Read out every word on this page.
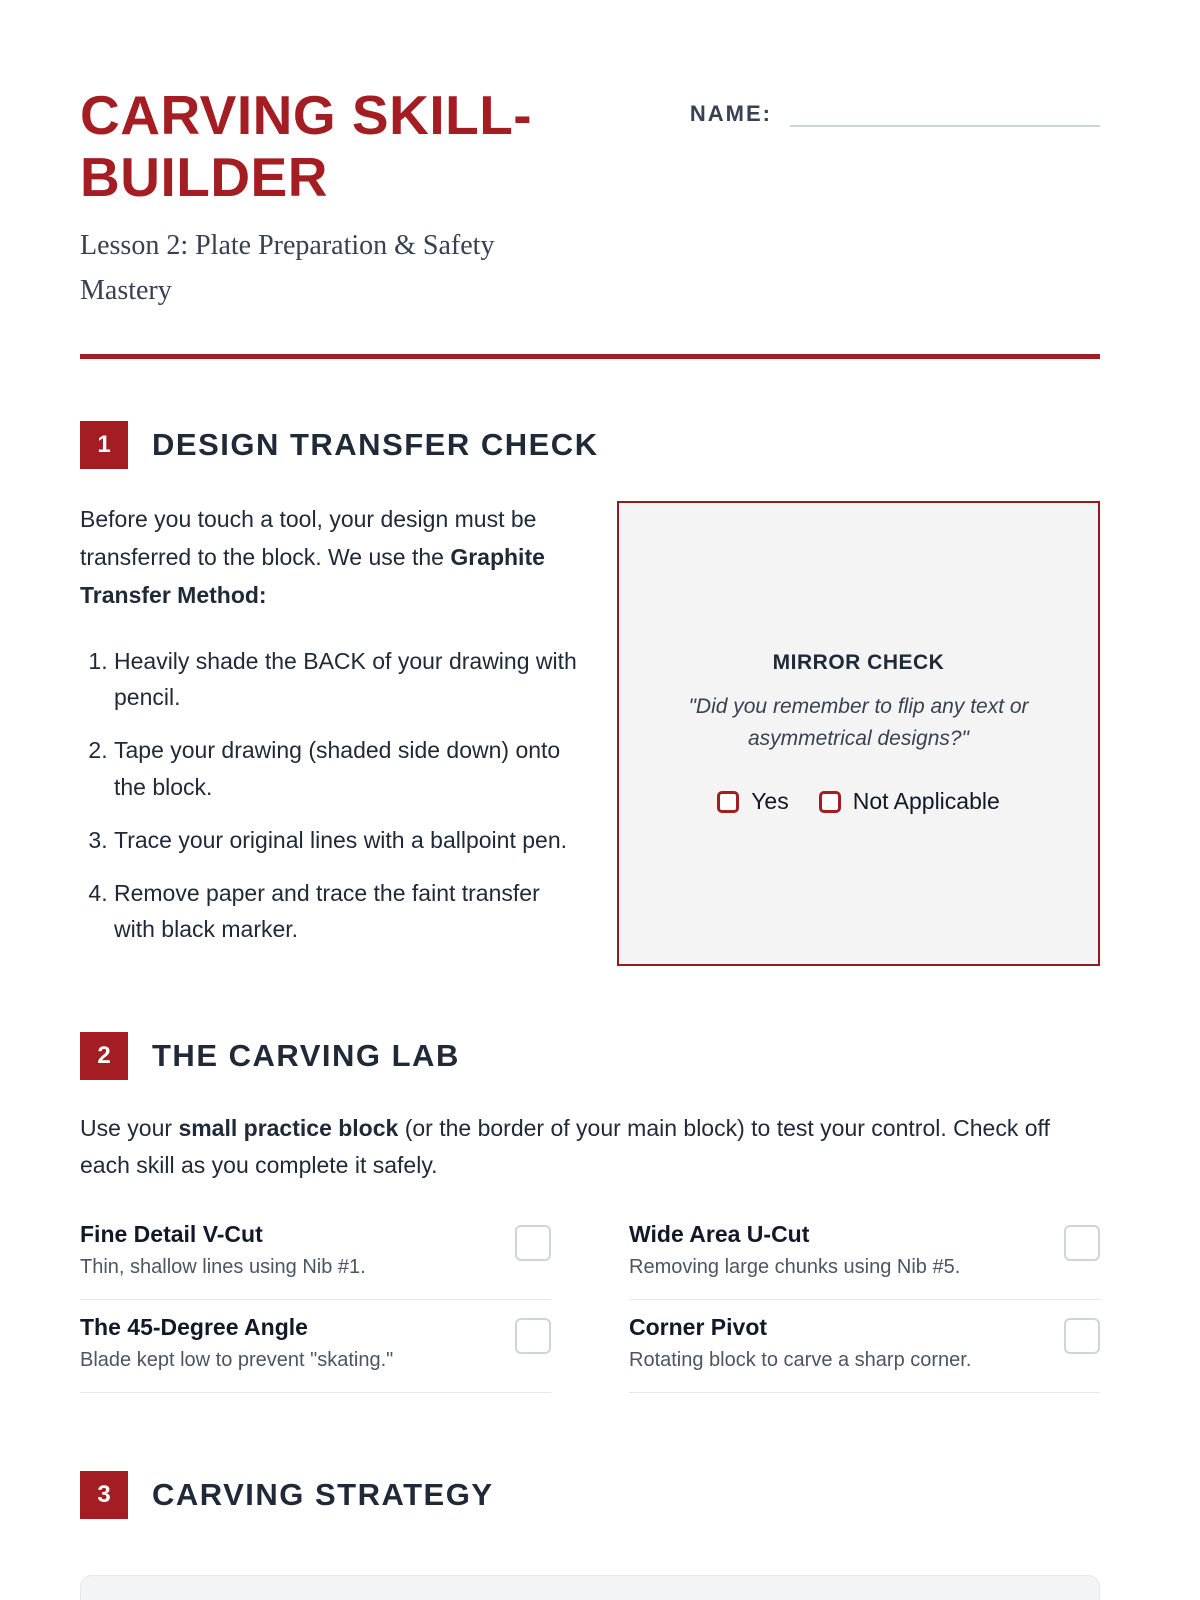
CARVING SKILL-BUILDER
Lesson 2: Plate Preparation & Safety Mastery
NAME:
1	DESIGN TRANSFER CHECK

Before you touch a tool, your design must be transferred to the block. We use the Graphite Transfer Method:

1. Heavily shade the BACK of your drawing with pencil.
2. Tape your drawing (shaded side down) onto the block.
3. Trace your original lines with a ballpoint pen.
4. Remove paper and trace the faint transfer with black marker.
MIRROR CHECK
"Did you remember to flip any text or asymmetrical designs?"
Yes	Not Applicable
2	THE CARVING LAB

Use your small practice block (or the border of your main block) to test your control. Check off each skill as you complete it safely.

Fine Detail V-Cut
Thin, shallow lines using Nib #1.
Wide Area U-Cut
Removing large chunks using Nib #5.
The 45-Degree Angle
Blade kept low to prevent "skating."
Corner Pivot
Rotating block to carve a sharp corner.
3	CARVING STRATEGY
